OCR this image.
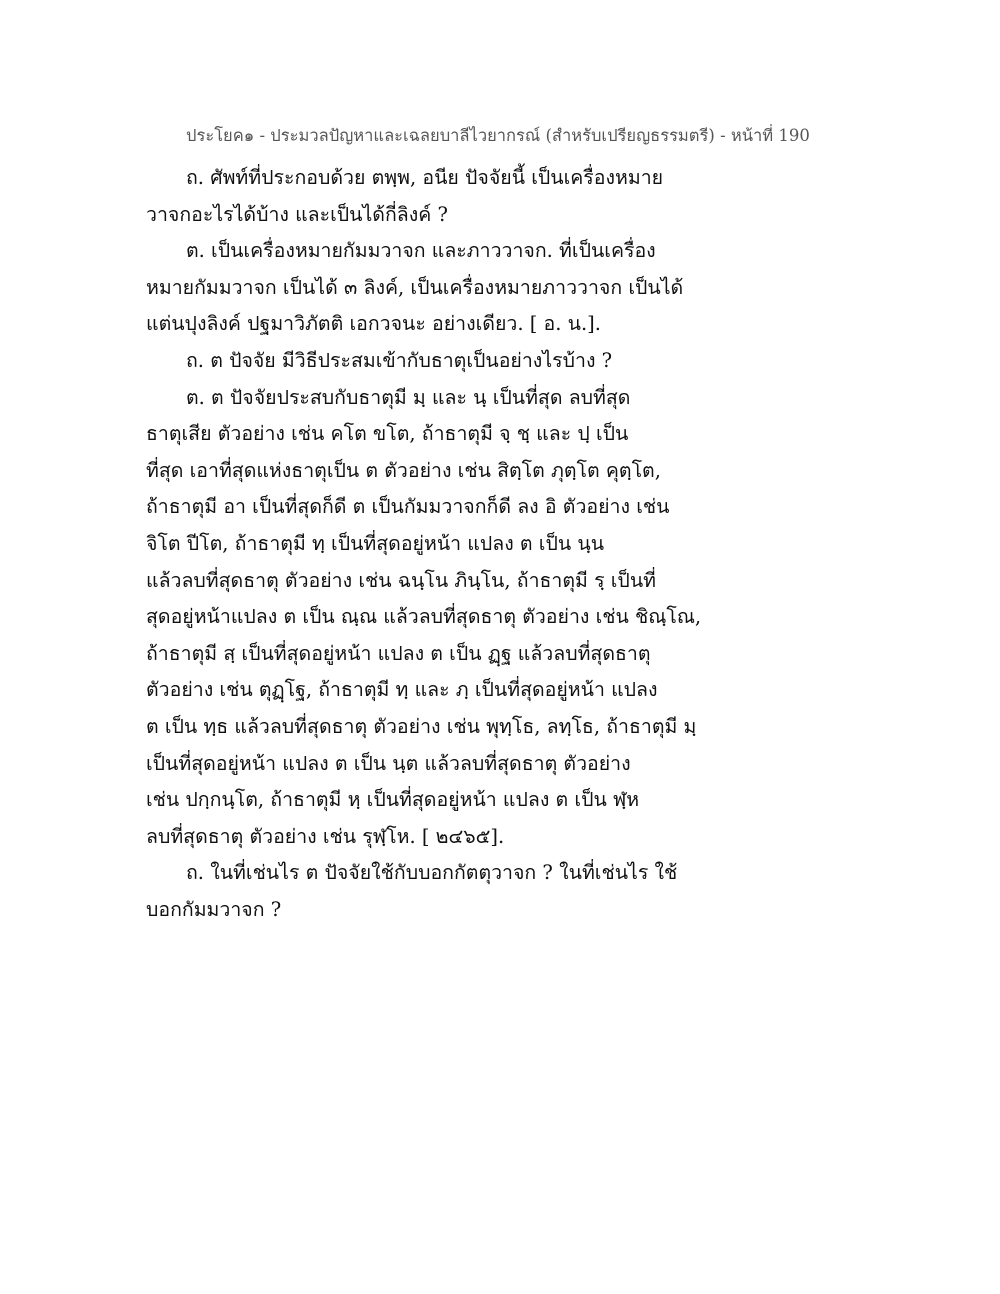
ประโยค๑ - ประมวลปัญหาและเฉลยบาลีไวยากรณ์ (สำหรับเปรียญธรรมตรี) - หน้าที่ 190
ถ. ศัพท์ที่ประกอบด้วย ตพฺพ, อนีย ปัจจัยนี้ เป็นเครื่องหมาย
วาจกอะไรได้บ้าง และเป็นได้กี่ลิงค์ ?
ต. เป็นเครื่องหมายกัมมวาจก และภาววาจก. ที่เป็นเครื่อง
หมายกัมมวาจก เป็นได้ ๓ ลิงค์, เป็นเครื่องหมายภาววาจก เป็นได้
แต่นปุงลิงค์ ปฐมาวิภัตติ เอกวจนะ อย่างเดียว. [ อ. น.].
ถ. ต ปัจจัย มีวิธีประสมเข้ากับธาตุเป็นอย่างไรบ้าง ?
ต. ต ปัจจัยประสบกับธาตุมี มฺ และ นฺ เป็นที่สุด ลบที่สุด
ธาตุเสีย ตัวอย่าง เช่น คโต ขโต, ถ้าธาตุมี จฺ ชฺ และ ปฺ เป็น
ที่สุด เอาที่สุดแห่งธาตุเป็น ต ตัวอย่าง เช่น สิตฺโต ภุตฺโต คุตฺโต,
ถ้าธาตุมี อา เป็นที่สุดก็ดี ต เป็นกัมมวาจกก็ดี ลง อิ ตัวอย่าง เช่น
จิโต ปีโต, ถ้าธาตุมี ทฺ เป็นที่สุดอยู่หน้า แปลง ต เป็น นฺน
แล้วลบที่สุดธาตุ ตัวอย่าง เช่น ฉนฺโน ภินฺโน, ถ้าธาตุมี รฺ เป็นที่
สุดอยู่หน้าแปลง ต เป็น ณฺณ แล้วลบที่สุดธาตุ ตัวอย่าง เช่น ชิณฺโณ,
ถ้าธาตุมี สฺ เป็นที่สุดอยู่หน้า แปลง ต เป็น ฏฺฐ แล้วลบที่สุดธาตุ
ตัวอย่าง เช่น ตุฏฺโฐ, ถ้าธาตุมี ทฺ และ ภฺ เป็นที่สุดอยู่หน้า แปลง
ต เป็น ทฺธ แล้วลบที่สุดธาตุ ตัวอย่าง เช่น พุทฺโธ, ลทฺโธ, ถ้าธาตุมี มฺ
เป็นที่สุดอยู่หน้า แปลง ต เป็น นฺต แล้วลบที่สุดธาตุ ตัวอย่าง
เช่น ปกฺกนฺโต, ถ้าธาตุมี หฺ เป็นที่สุดอยู่หน้า แปลง ต เป็น ฬฺห
ลบที่สุดธาตุ ตัวอย่าง เช่น รุฬฺโห. [ ๒๔๖๕].
ถ. ในที่เช่นไร ต ปัจจัยใช้กับบอกกัตตุวาจก ? ในที่เช่นไร ใช้
บอกกัมมวาจก ?
